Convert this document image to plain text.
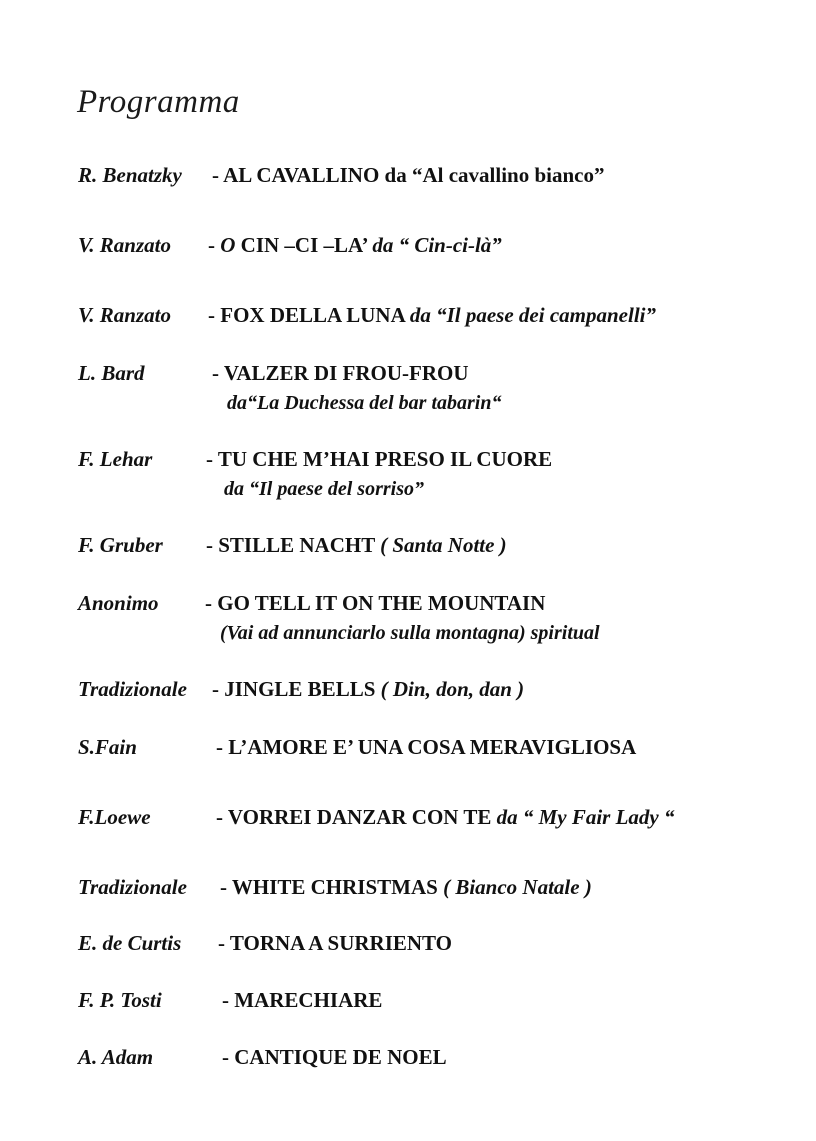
Programma
R. Benatzky - AL CAVALLINO da “Al cavallino bianco”
V. Ranzato - O CIN –CI –LA’ da “ Cin-ci-là”
V. Ranzato - FOX DELLA LUNA da “Il paese dei campanelli”
L. Bard	- VALZER DI FROU-FROU
da“La Duchessa del bar tabarin“
F. Lehar	- TU CHE M’HAI PRESO IL CUORE
da “Il paese del sorriso”
F. Gruber - STILLE NACHT ( Santa Notte )
Anonimo - GO TELL IT ON THE MOUNTAIN
(Vai ad annunciarlo sulla montagna) spiritual
Tradizionale - JINGLE BELLS ( Din, don, dan )
S.Fain	- L’AMORE E’ UNA COSA MERAVIGLIOSA
F.Loewe	- VORREI DANZAR CON TE da “ My Fair Lady “
Tradizionale - WHITE CHRISTMAS ( Bianco Natale )
E. de Curtis - TORNA A SURRIENTO
F. P. Tosti	- MARECHIARE
A. Adam	- CANTIQUE DE NOEL
